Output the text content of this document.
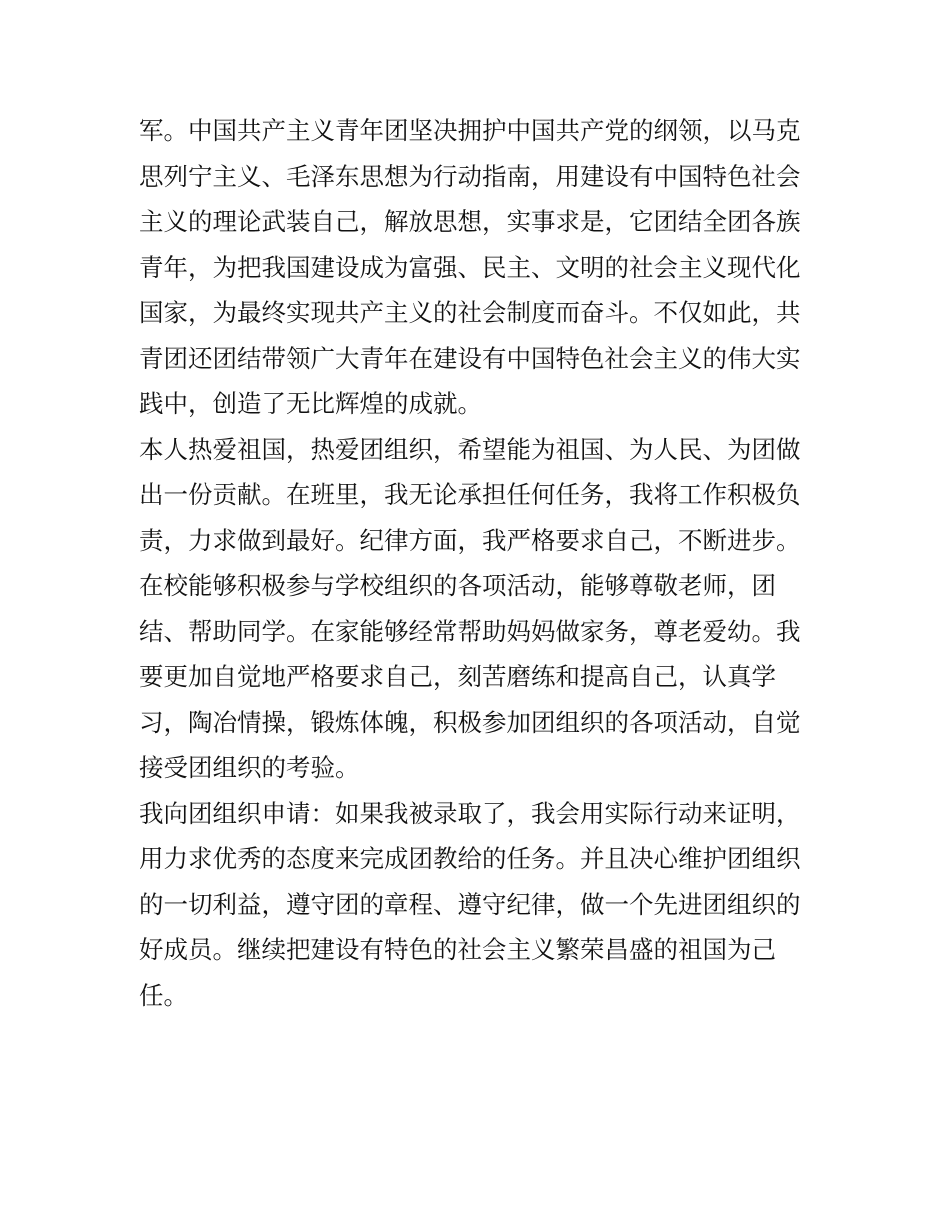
军。中国共产主义青年团坚决拥护中国共产党的纲领，以马克
思列宁主义、毛泽东思想为行动指南，用建设有中国特色社会
主义的理论武装自己，解放思想，实事求是，它团结全团各族
青年，为把我国建设成为富强、民主、文明的社会主义现代化
国家，为最终实现共产主义的社会制度而奋斗。不仅如此，共
青团还团结带领广大青年在建设有中国特色社会主义的伟大实
践中，创造了无比辉煌的成就。
本人热爱祖国，热爱团组织，希望能为祖国、为人民、为团做
出一份贡献。在班里，我无论承担任何任务，我将工作积极负
责，力求做到最好。纪律方面，我严格要求自己，不断进步。
在校能够积极参与学校组织的各项活动，能够尊敬老师，团
结、帮助同学。在家能够经常帮助妈妈做家务，尊老爱幼。我
要更加自觉地严格要求自己，刻苦磨练和提高自己，认真学
习，陶冶情操，锻炼体魄，积极参加团组织的各项活动，自觉
接受团组织的考验。
我向团组织申请：如果我被录取了，我会用实际行动来证明，
用力求优秀的态度来完成团教给的任务。并且决心维护团组织
的一切利益，遵守团的章程、遵守纪律，做一个先进团组织的
好成员。继续把建设有特色的社会主义繁荣昌盛的祖国为己
任。
